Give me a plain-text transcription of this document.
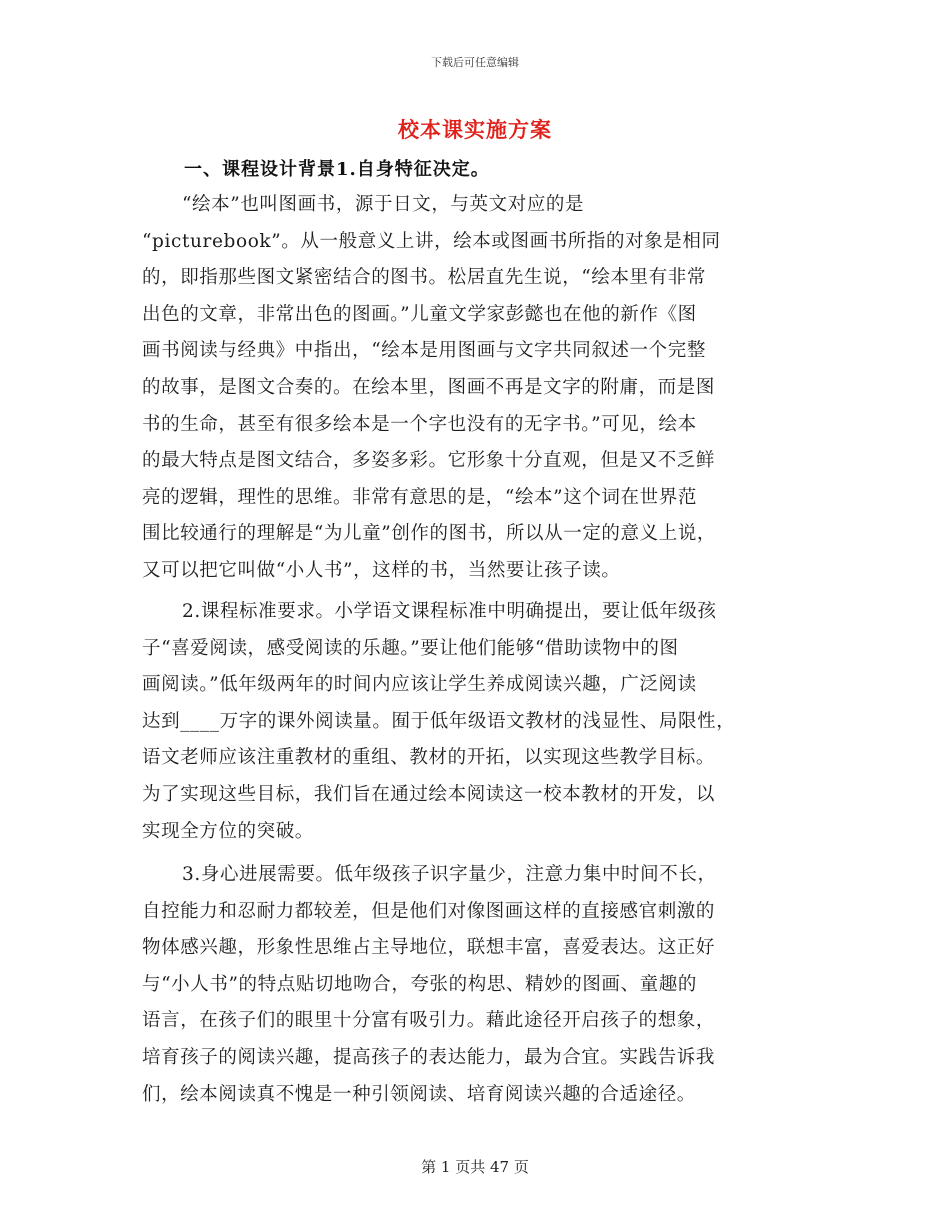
下载后可任意编辑
校本课实施方案
一、课程设计背景1.自身特征决定。
“绘本”也叫图画书，源于日文，与英文对应的是
“picturebook”。从一般意义上讲，绘本或图画书所指的对象是相同
的，即指那些图文紧密结合的图书。松居直先生说，“绘本里有非常
出色的文章，非常出色的图画。”儿童文学家彭懿也在他的新作《图
画书阅读与经典》中指出，“绘本是用图画与文字共同叙述一个完整
的故事，是图文合奏的。在绘本里，图画不再是文字的附庸，而是图
书的生命，甚至有很多绘本是一个字也没有的无字书。”可见，绘本
的最大特点是图文结合，多姿多彩。它形象十分直观，但是又不乏鲜
亮的逻辑，理性的思维。非常有意思的是，“绘本”这个词在世界范
围比较通行的理解是“为儿童”创作的图书，所以从一定的意义上说，
又可以把它叫做“小人书”，这样的书，当然要让孩子读。
2.课程标准要求。小学语文课程标准中明确提出，要让低年级孩
子“喜爱阅读，感受阅读的乐趣。”要让他们能够“借助读物中的图
画阅读。”低年级两年的时间内应该让学生养成阅读兴趣，广泛阅读
达到____万字的课外阅读量。囿于低年级语文教材的浅显性、局限性，
语文老师应该注重教材的重组、教材的开拓，以实现这些教学目标。
为了实现这些目标，我们旨在通过绘本阅读这一校本教材的开发，以
实现全方位的突破。
3.身心进展需要。低年级孩子识字量少，注意力集中时间不长，
自控能力和忍耐力都较差，但是他们对像图画这样的直接感官刺激的
物体感兴趣，形象性思维占主导地位，联想丰富，喜爱表达。这正好
与“小人书”的特点贴切地吻合，夸张的构思、精妙的图画、童趣的
语言，在孩子们的眼里十分富有吸引力。藉此途径开启孩子的想象，
培育孩子的阅读兴趣，提高孩子的表达能力，最为合宜。实践告诉我
们，绘本阅读真不愧是一种引领阅读、培育阅读兴趣的合适途径。
第 1 页共 47 页
